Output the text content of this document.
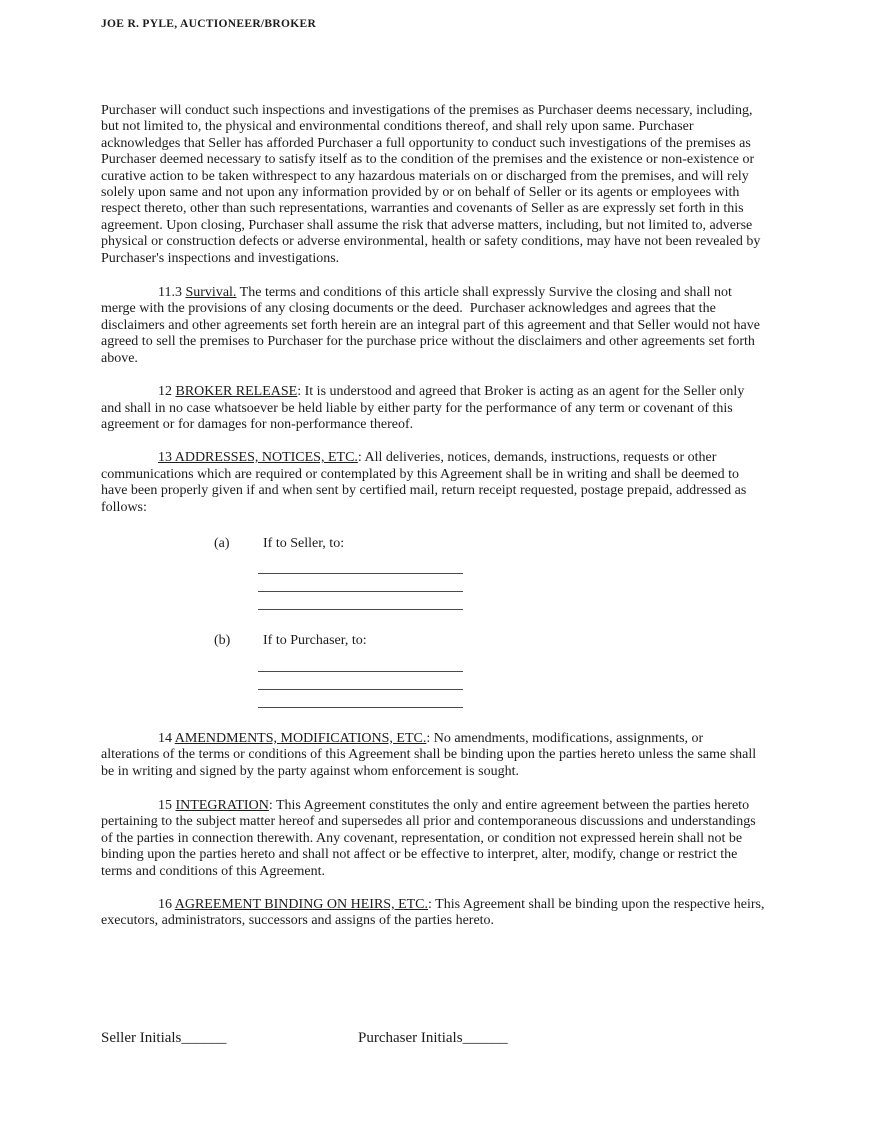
JOE R. PYLE, AUCTIONEER/BROKER

Purchaser will conduct such inspections and investigations of the premises as Purchaser deems necessary, including, but not limited to, the physical and environmental conditions thereof, and shall rely upon same. Purchaser acknowledges that Seller has afforded Purchaser a full opportunity to conduct such investigations of the premises as Purchaser deemed necessary to satisfy itself as to the condition of the premises and the existence or non-existence or curative action to be taken withrespect to any hazardous materials on or discharged from the premises, and will rely solely upon same and not upon any information provided by or on behalf of Seller or its agents or employees with respect thereto, other than such representations, warranties and covenants of Seller as are expressly set forth in this agreement. Upon closing, Purchaser shall assume the risk that adverse matters, including, but not limited to, adverse physical or construction defects or adverse environmental, health or safety conditions, may have not been revealed by Purchaser's inspections and investigations.

11.3 Survival. The terms and conditions of this article shall expressly Survive the closing and shall not merge with the provisions of any closing documents or the deed.  Purchaser acknowledges and agrees that the disclaimers and other agreements set forth herein are an integral part of this agreement and that Seller would not have agreed to sell the premises to Purchaser for the purchase price without the disclaimers and other agreements set forth above.

12 BROKER RELEASE: It is understood and agreed that Broker is acting as an agent for the Seller only and shall in no case whatsoever be held liable by either party for the performance of any term or covenant of this agreement or for damages for non-performance thereof.

13 ADDRESSES, NOTICES, ETC.: All deliveries, notices, demands, instructions, requests or other communications which are required or contemplated by this Agreement shall be in writing and shall be deemed to have been properly given if and when sent by certified mail, return receipt requested, postage prepaid, addressed as follows:

(a) If to Seller, to:
(b) If to Purchaser, to:

14 AMENDMENTS, MODIFICATIONS, ETC.: No amendments, modifications, assignments, or alterations of the terms or conditions of this Agreement shall be binding upon the parties hereto unless the same shall be in writing and signed by the party against whom enforcement is sought.

15 INTEGRATION: This Agreement constitutes the only and entire agreement between the parties hereto pertaining to the subject matter hereof and supersedes all prior and contemporaneous discussions and understandings of the parties in connection therewith. Any covenant, representation, or condition not expressed herein shall not be binding upon the parties hereto and shall not affect or be effective to interpret, alter, modify, change or restrict the terms and conditions of this Agreement.

16 AGREEMENT BINDING ON HEIRS, ETC.: This Agreement shall be binding upon the respective heirs, executors, administrators, successors and assigns of the parties hereto.

Seller Initials______	Purchaser Initials______
